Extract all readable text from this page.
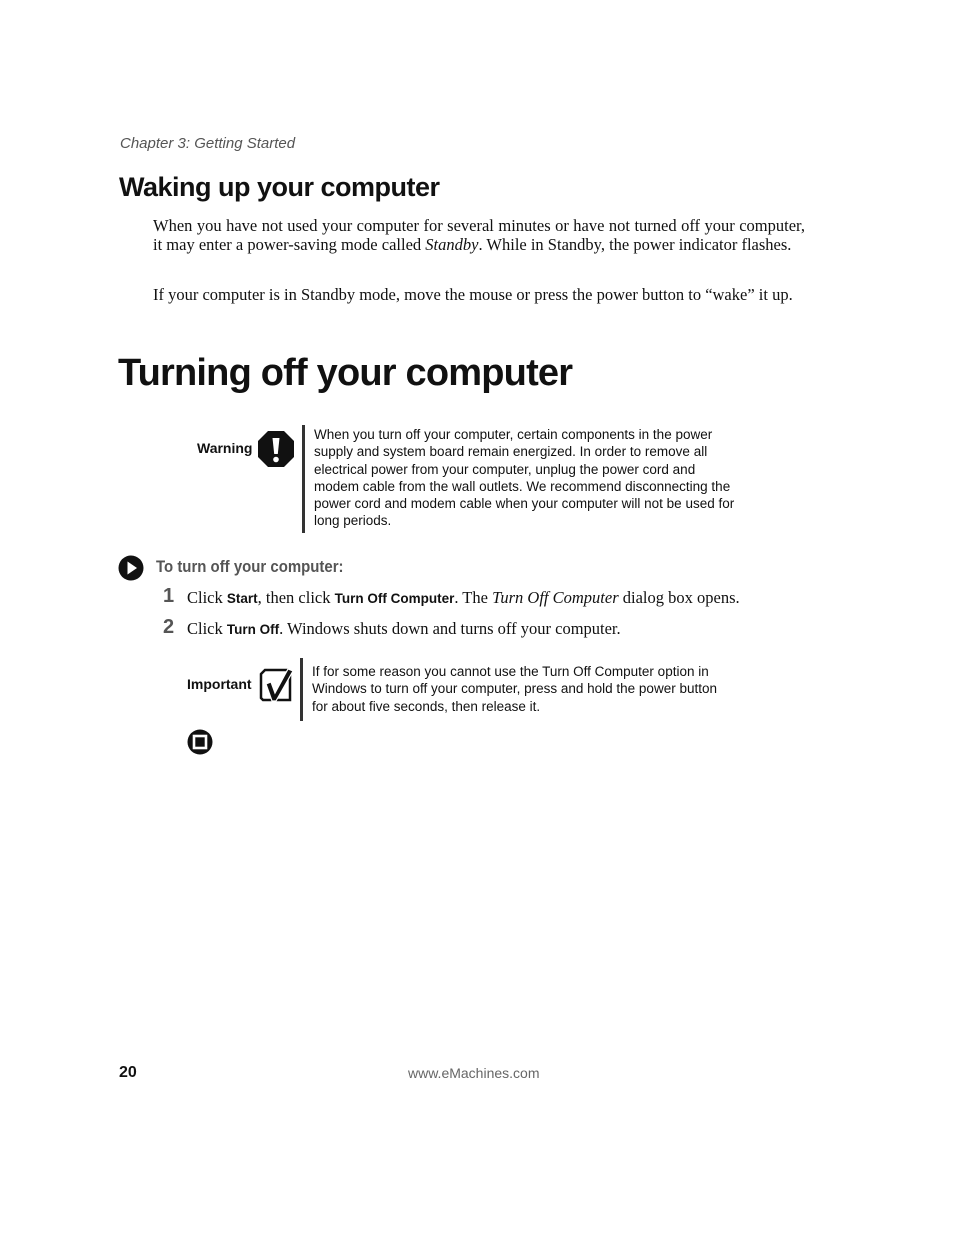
Chapter 3: Getting Started
Waking up your computer
When you have not used your computer for several minutes or have not turned off your computer, it may enter a power-saving mode called Standby. While in Standby, the power indicator flashes.
If your computer is in Standby mode, move the mouse or press the power button to “wake” it up.
Turning off your computer
Warning
When you turn off your computer, certain components in the power supply and system board remain energized. In order to remove all electrical power from your computer, unplug the power cord and modem cable from the wall outlets. We recommend disconnecting the power cord and modem cable when your computer will not be used for long periods.
To turn off your computer:
1 Click Start, then click Turn Off Computer. The Turn Off Computer dialog box opens.
2 Click Turn Off. Windows shuts down and turns off your computer.
Important
If for some reason you cannot use the Turn Off Computer option in Windows to turn off your computer, press and hold the power button for about five seconds, then release it.
20	www.eMachines.com
